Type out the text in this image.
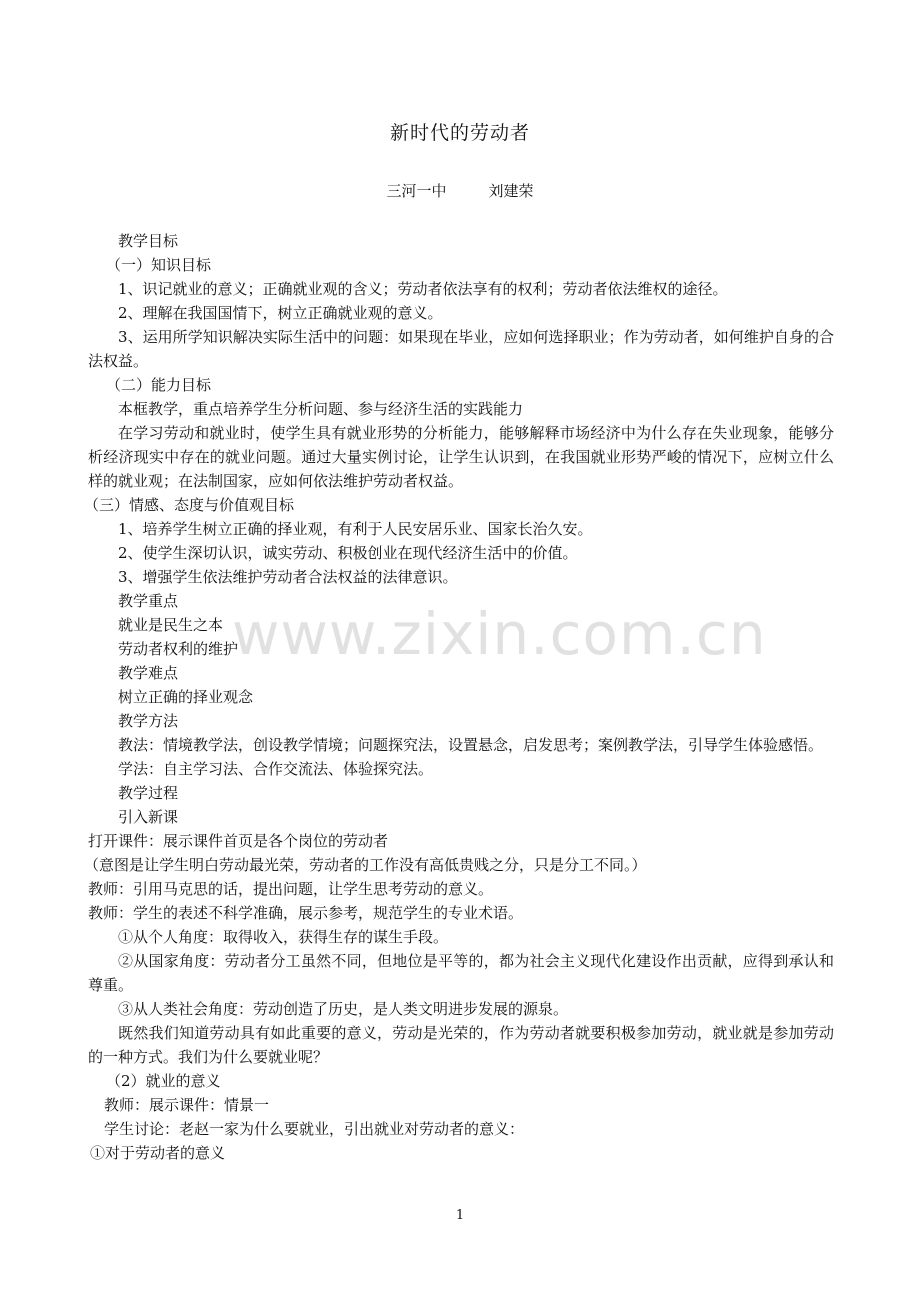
新时代的劳动者
三河一中	刘建荣

教学目标

（一）知识目标

1、识记就业的意义；正确就业观的含义；劳动者依法享有的权利；劳动者依法维权的途径。

2、理解在我国国情下，树立正确就业观的意义。

3、运用所学知识解决实际生活中的问题：如果现在毕业，应如何选择职业；作为劳动者，如何维护自身的合法权益。

（二）能力目标

本框教学，重点培养学生分析问题、参与经济生活的实践能力

在学习劳动和就业时，使学生具有就业形势的分析能力，能够解释市场经济中为什么存在失业现象，能够分析经济现实中存在的就业问题。通过大量实例讨论，让学生认识到，在我国就业形势严峻的情况下，应树立什么样的就业观；在法制国家，应如何依法维护劳动者权益。

（三）情感、态度与价值观目标

1、培养学生树立正确的择业观，有利于人民安居乐业、国家长治久安。

2、使学生深切认识，诚实劳动、积极创业在现代经济生活中的价值。

3、增强学生依法维护劳动者合法权益的法律意识。

教学重点

就业是民生之本

劳动者权利的维护

教学难点

树立正确的择业观念

教学方法

教法：情境教学法，创设教学情境；问题探究法，设置悬念，启发思考；案例教学法，引导学生体验感悟。

学法：自主学习法、合作交流法、体验探究法。

教学过程

引入新课

打开课件：展示课件首页是各个岗位的劳动者

（意图是让学生明白劳动最光荣，劳动者的工作没有高低贵贱之分，只是分工不同。）

教师：引用马克思的话，提出问题，让学生思考劳动的意义。

教师：学生的表述不科学准确，展示参考，规范学生的专业术语。

①从个人角度：取得收入，获得生存的谋生手段。

②从国家角度：劳动者分工虽然不同，但地位是平等的，都为社会主义现代化建设作出贡献，应得到承认和尊重。

③从人类社会角度：劳动创造了历史，是人类文明进步发展的源泉。

既然我们知道劳动具有如此重要的意义，劳动是光荣的，作为劳动者就要积极参加劳动，就业就是参加劳动的一种方式。我们为什么要就业呢？

（2）就业的意义

教师：展示课件：情景一

学生讨论：老赵一家为什么要就业，引出就业对劳动者的意义：

①对于劳动者的意义

www.zixin.com.cn
1
